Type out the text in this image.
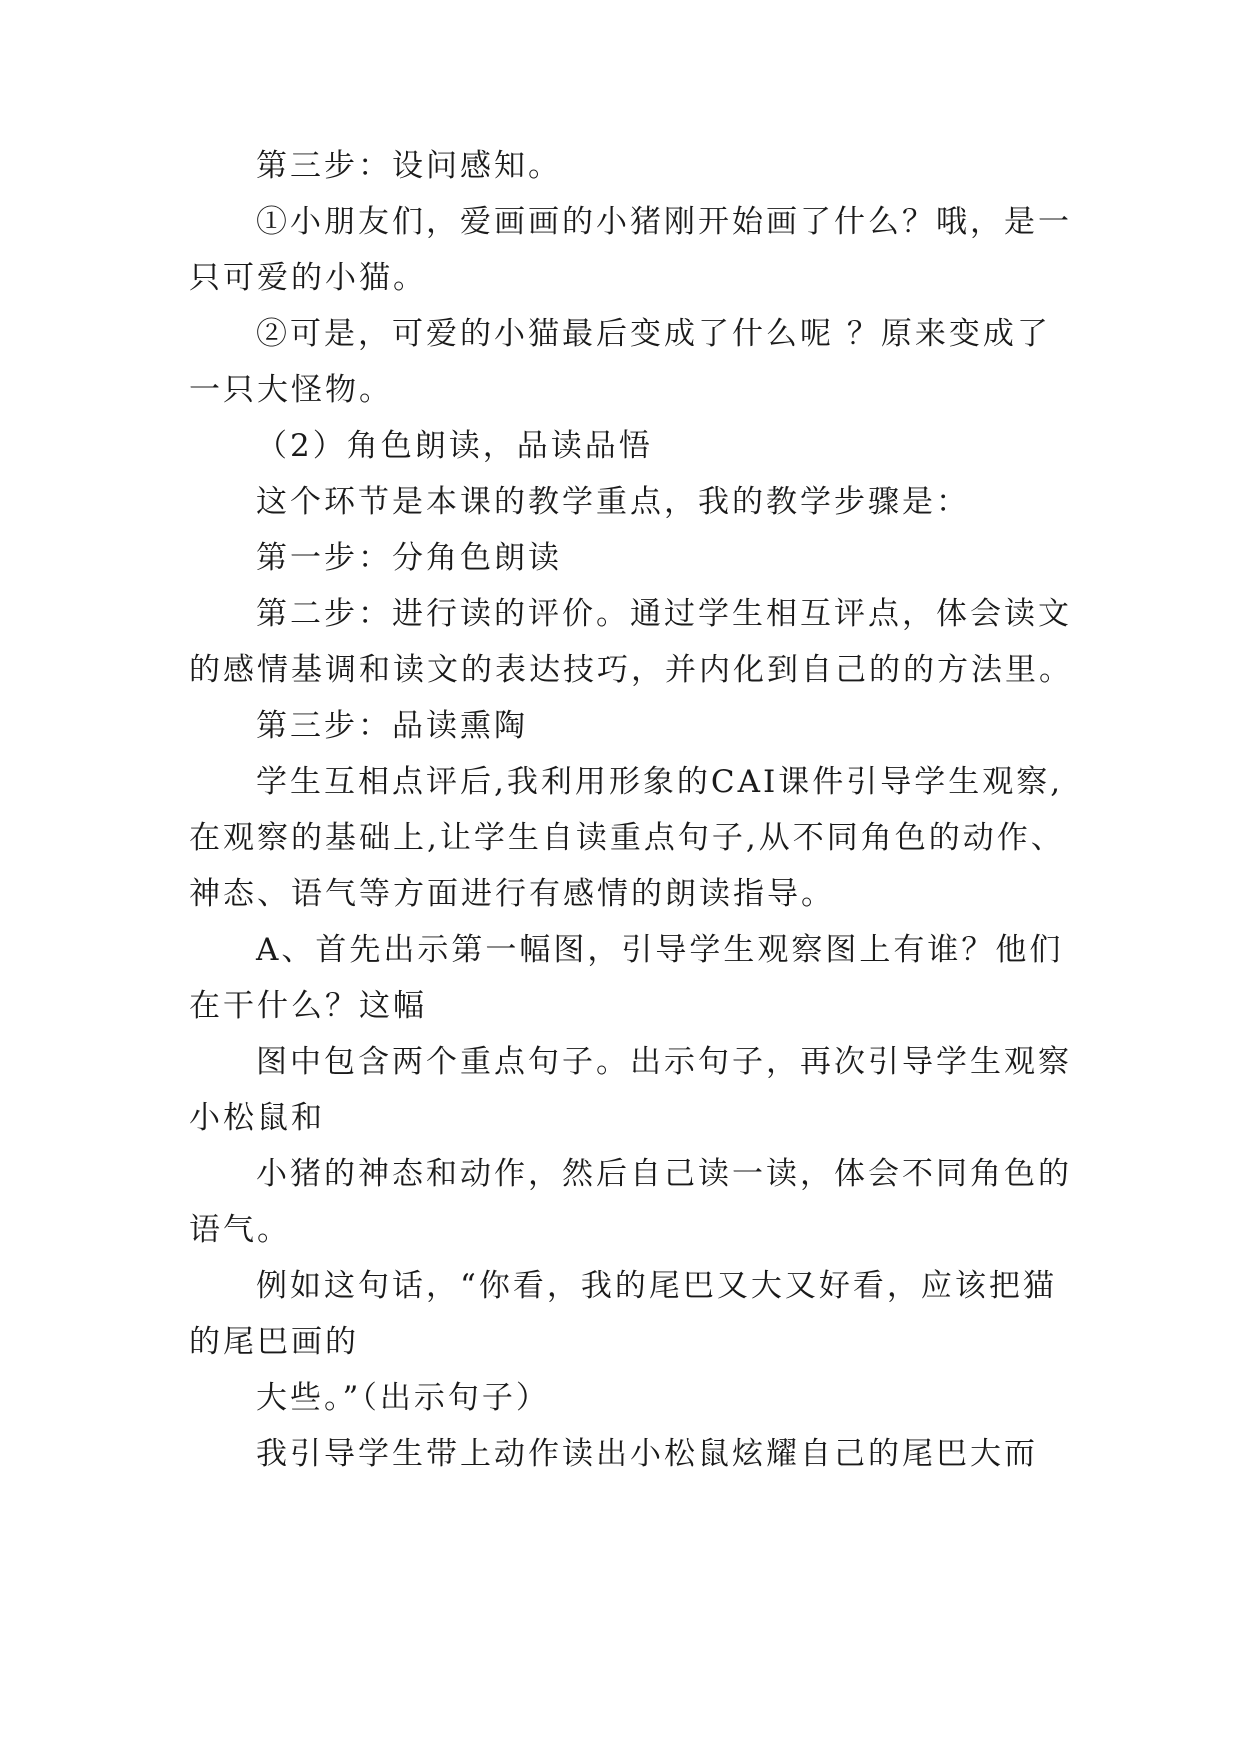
第三步：设问感知。
①小朋友们，爱画画的小猪刚开始画了什么？哦，是一
只可爱的小猫。
②可是，可爱的小猫最后变成了什么呢 ？原来变成了
一只大怪物。
（2）角色朗读，品读品悟
这个环节是本课的教学重点，我的教学步骤是：
第一步：分角色朗读
第二步：进行读的评价。通过学生相互评点，体会读文
的感情基调和读文的表达技巧，并内化到自己的的方法里。
第三步：品读熏陶
学生互相点评后,我利用形象的CAI课件引导学生观察,
在观察的基础上,让学生自读重点句子,从不同角色的动作、
神态、语气等方面进行有感情的朗读指导。
A、首先出示第一幅图，引导学生观察图上有谁？他们
在干什么？这幅
图中包含两个重点句子。出示句子，再次引导学生观察
小松鼠和
小猪的神态和动作，然后自己读一读，体会不同角色的
语气。
例如这句话，“你看，我的尾巴又大又好看，应该把猫
的尾巴画的
大些。”（出示句子）
我引导学生带上动作读出小松鼠炫耀自己的尾巴大而
